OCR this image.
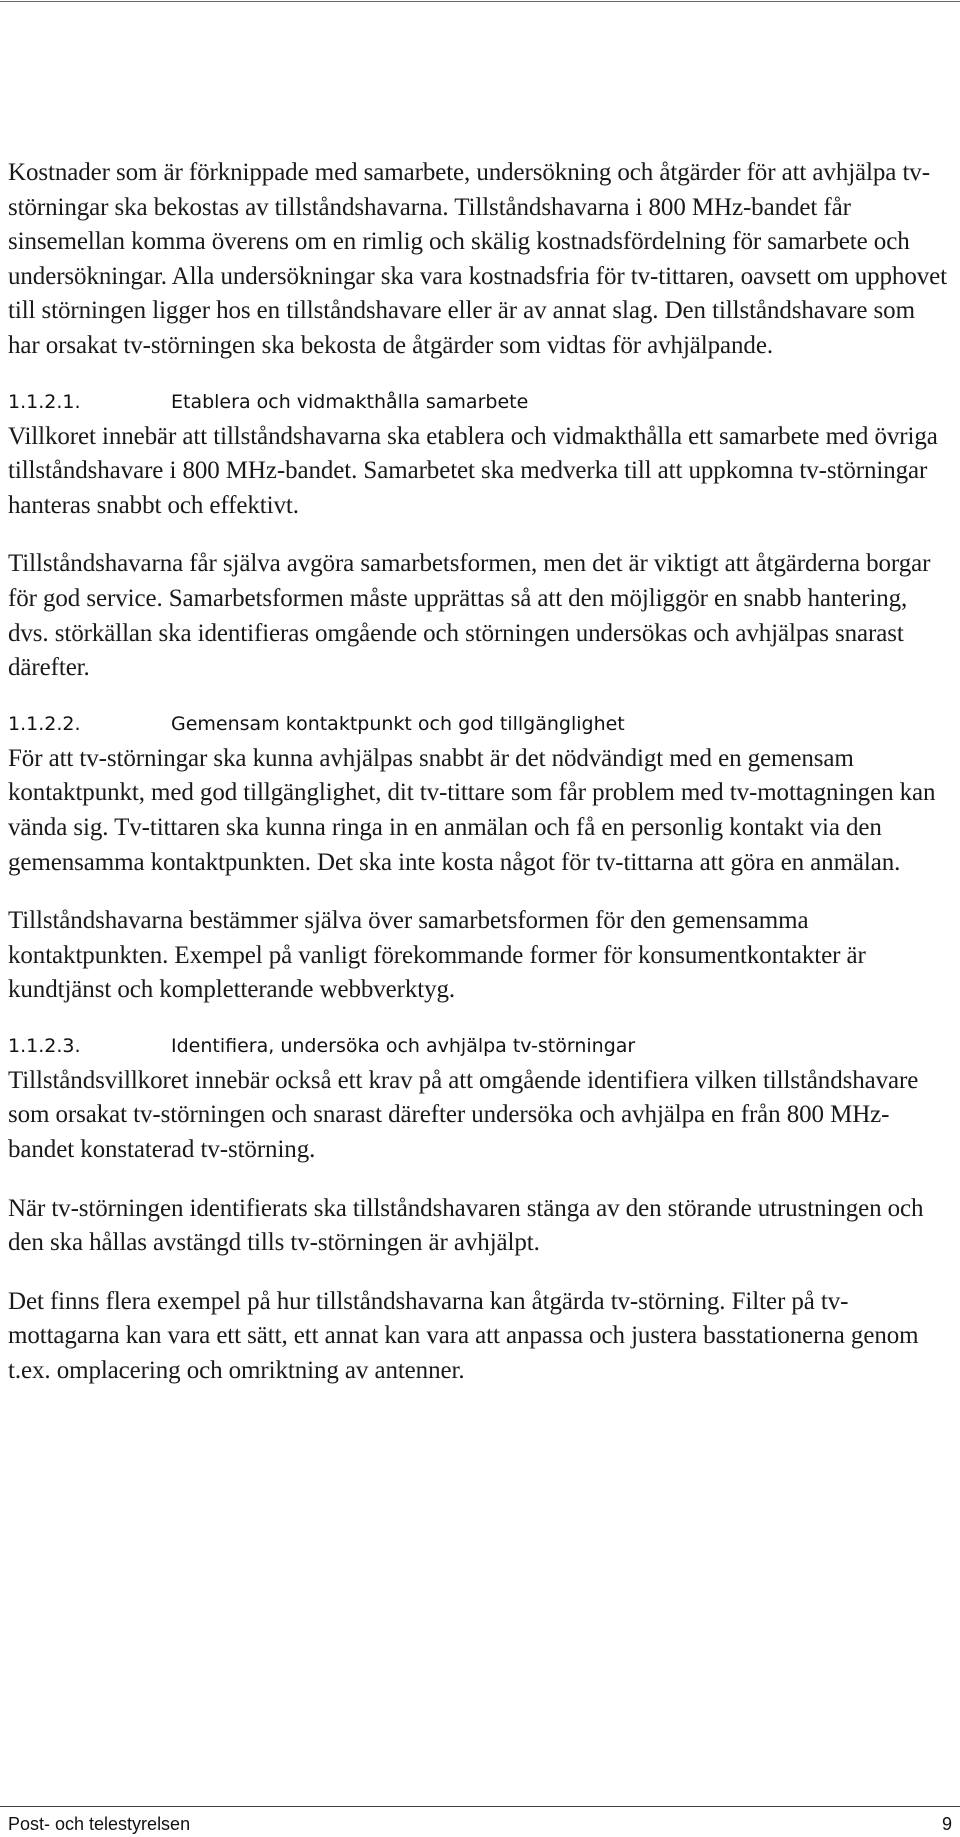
Kostnader som är förknippade med samarbete, undersökning och åtgärder för att avhjälpa tv-störningar ska bekostas av tillståndshavarna. Tillståndshavarna i 800 MHz-bandet får sinsemellan komma överens om en rimlig och skälig kostnadsfördelning för samarbete och undersökningar. Alla undersökningar ska vara kostnadsfria för tv-tittaren, oavsett om upphovet till störningen ligger hos en tillståndshavare eller är av annat slag. Den tillståndshavare som har orsakat tv-störningen ska bekosta de åtgärder som vidtas för avhjälpande.

1.1.2.1.	Etablera och vidmakthålla samarbete

Villkoret innebär att tillståndshavarna ska etablera och vidmakthålla ett samarbete med övriga tillståndshavare i 800 MHz-bandet. Samarbetet ska medverka till att uppkomna tv-störningar hanteras snabbt och effektivt.

Tillståndshavarna får själva avgöra samarbetsformen, men det är viktigt att åtgärderna borgar för god service. Samarbetsformen måste upprättas så att den möjliggör en snabb hantering, dvs. störkällan ska identifieras omgående och störningen undersökas och avhjälpas snarast därefter.

1.1.2.2.	Gemensam kontaktpunkt och god tillgänglighet

För att tv-störningar ska kunna avhjälpas snabbt är det nödvändigt med en gemensam kontaktpunkt, med god tillgänglighet, dit tv-tittare som får problem med tv-mottagningen kan vända sig. Tv-tittaren ska kunna ringa in en anmälan och få en personlig kontakt via den gemensamma kontaktpunkten. Det ska inte kosta något för tv-tittarna att göra en anmälan.

Tillståndshavarna bestämmer själva över samarbetsformen för den gemensamma kontaktpunkten. Exempel på vanligt förekommande former för konsumentkontakter är kundtjänst och kompletterande webbverktyg.

1.1.2.3.	Identifiera, undersöka och avhjälpa tv-störningar

Tillståndsvillkoret innebär också ett krav på att omgående identifiera vilken tillståndshavare som orsakat tv-störningen och snarast därefter undersöka och avhjälpa en från 800 MHz-bandet konstaterad tv-störning.

När tv-störningen identifierats ska tillståndshavaren stänga av den störande utrustningen och den ska hållas avstängd tills tv-störningen är avhjälpt.

Det finns flera exempel på hur tillståndshavarna kan åtgärda tv-störning. Filter på tv-mottagarna kan vara ett sätt, ett annat kan vara att anpassa och justera basstationerna genom t.ex. omplacering och omriktning av antenner.

Post- och telestyrelsen	9
